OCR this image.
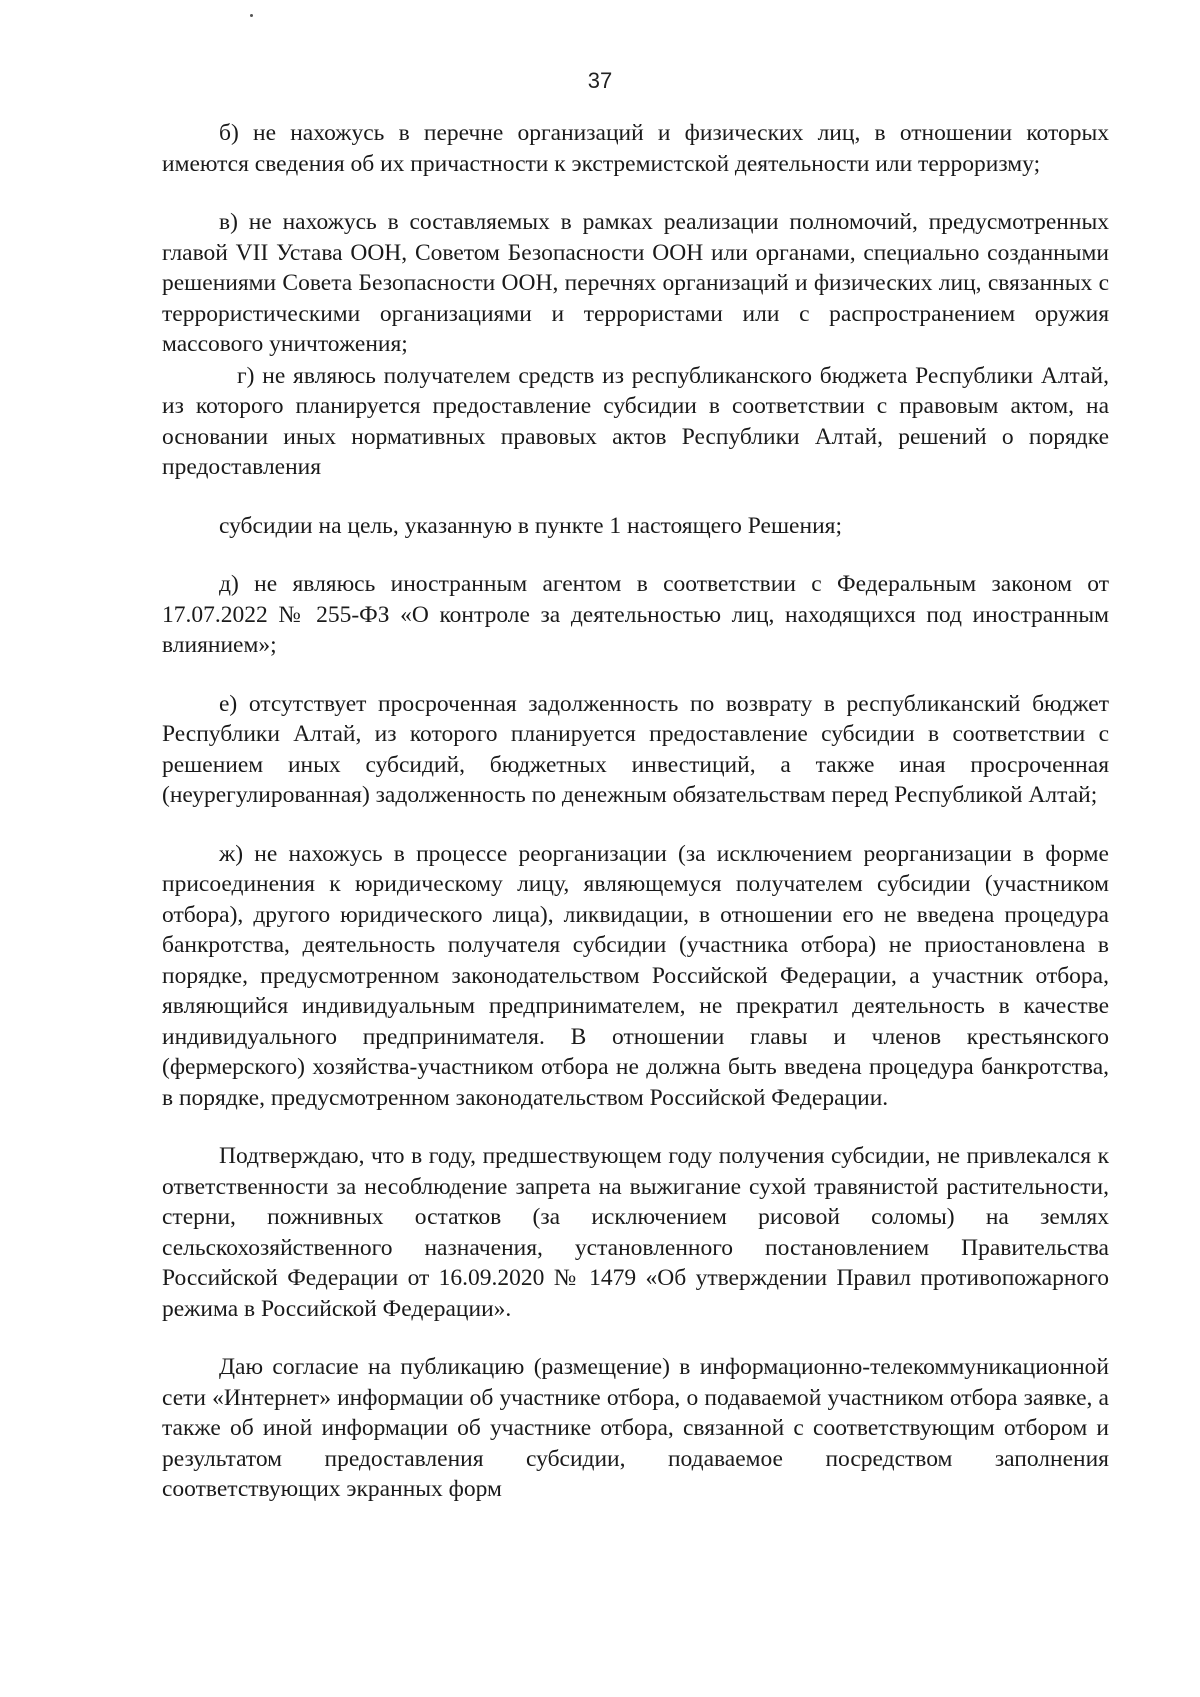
37

б) не нахожусь в перечне организаций и физических лиц, в отношении которых имеются сведения об их причастности к экстремистской деятельности или терроризму;

в) не нахожусь в составляемых в рамках реализации полномочий, предусмотренных главой VII Устава ООН, Советом Безопасности ООН или органами, специально созданными решениями Совета Безопасности ООН, перечнях организаций и физических лиц, связанных с террористическими организациями и террористами или с распространением оружия массового уничтожения;

г) не являюсь получателем средств из республиканского бюджета Республики Алтай, из которого планируется предоставление субсидии в соответствии с правовым актом, на основании иных нормативных правовых актов Республики Алтай, решений о порядке предоставления

субсидии на цель, указанную в пункте 1 настоящего Решения;

д) не являюсь иностранным агентом в соответствии с Федеральным законом от 17.07.2022 № 255-ФЗ «О контроле за деятельностью лиц, находящихся под иностранным влиянием»;

е) отсутствует просроченная задолженность по возврату в республиканский бюджет Республики Алтай, из которого планируется предоставление субсидии в соответствии с решением иных субсидий, бюджетных инвестиций, а также иная просроченная (неурегулированная) задолженность по денежным обязательствам перед Республикой Алтай;

ж) не нахожусь в процессе реорганизации (за исключением реорганизации в форме присоединения к юридическому лицу, являющемуся получателем субсидии (участником отбора), другого юридического лица), ликвидации, в отношении его не введена процедура банкротства, деятельность получателя субсидии (участника отбора) не приостановлена в порядке, предусмотренном законодательством Российской Федерации, а участник отбора, являющийся индивидуальным предпринимателем, не прекратил деятельность в качестве индивидуального предпринимателя. В отношении главы и членов крестьянского (фермерского) хозяйства-участником отбора не должна быть введена процедура банкротства, в порядке, предусмотренном законодательством Российской Федерации.

Подтверждаю, что в году, предшествующем году получения субсидии, не привлекался к ответственности за несоблюдение запрета на выжигание сухой травянистой растительности, стерни, пожнивных остатков (за исключением рисовой соломы) на землях сельскохозяйственного назначения, установленного постановлением Правительства Российской Федерации от 16.09.2020 № 1479 «Об утверждении Правил противопожарного режима в Российской Федерации».

Даю согласие на публикацию (размещение) в информационно-телекоммуникационной сети «Интернет» информации об участнике отбора, о подаваемой участником отбора заявке, а также об иной информации об участнике отбора, связанной с соответствующим отбором и результатом предоставления субсидии, подаваемое посредством заполнения соответствующих экранных форм
